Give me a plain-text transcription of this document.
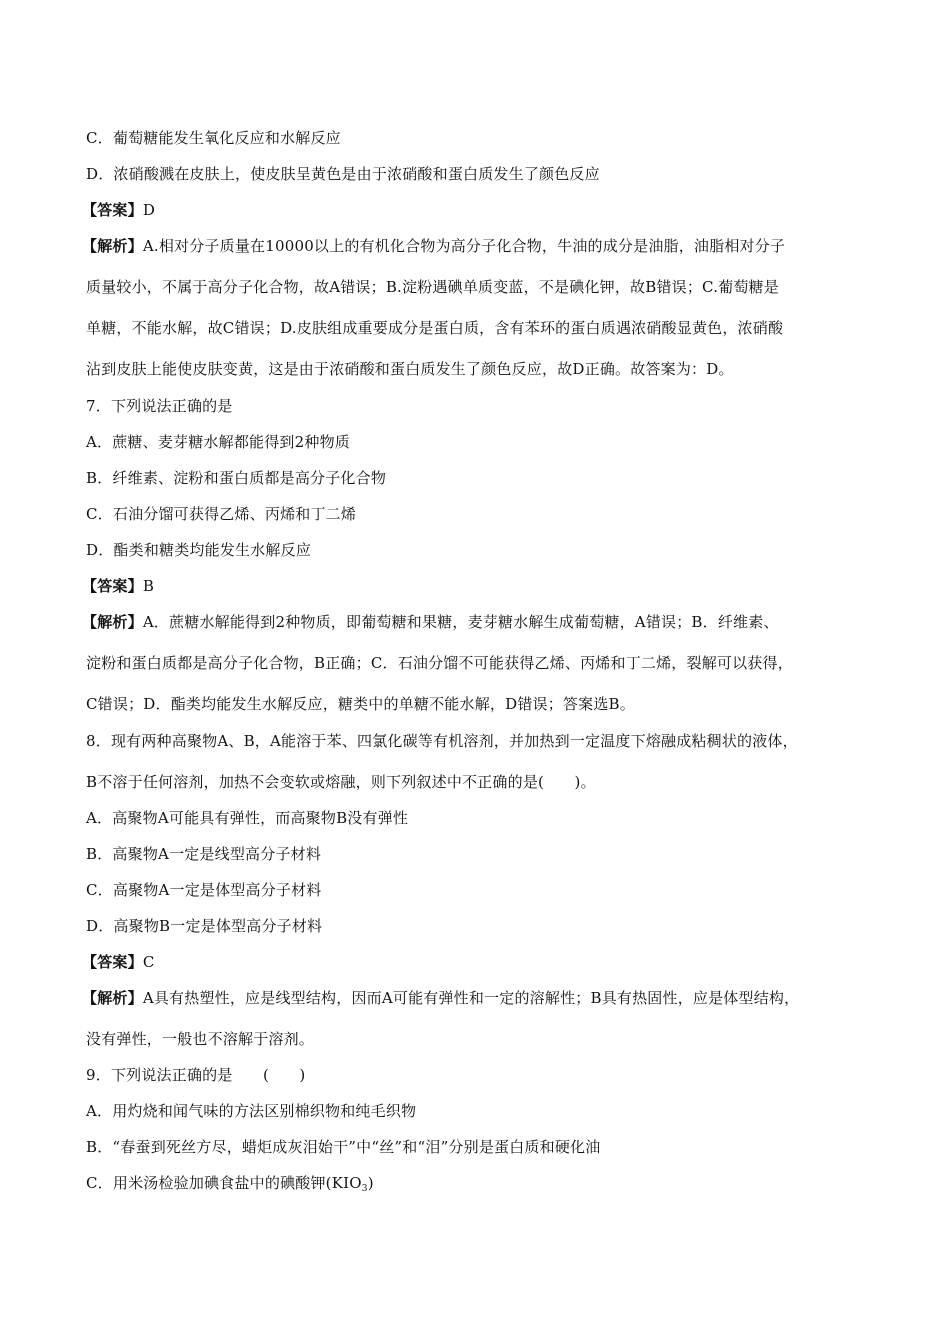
C．葡萄糖能发生氧化反应和水解反应
D．浓硝酸溅在皮肤上，使皮肤呈黄色是由于浓硝酸和蛋白质发生了颜色反应
【答案】D
【解析】A.相对分子质量在10000以上的有机化合物为高分子化合物，牛油的成分是油脂，油脂相对分子
质量较小，不属于高分子化合物，故A错误；B.淀粉遇碘单质变蓝，不是碘化钾，故B错误；C.葡萄糖是
单糖，不能水解，故C错误；D.皮肤组成重要成分是蛋白质，含有苯环的蛋白质遇浓硝酸显黄色，浓硝酸
沾到皮肤上能使皮肤变黄，这是由于浓硝酸和蛋白质发生了颜色反应，故D正确。故答案为：D。
7．下列说法正确的是
A．蔗糖、麦芽糖水解都能得到2种物质
B．纤维素、淀粉和蛋白质都是高分子化合物
C．石油分馏可获得乙烯、丙烯和丁二烯
D．酯类和糖类均能发生水解反应
【答案】B
【解析】A．蔗糖水解能得到2种物质，即葡萄糖和果糖，麦芽糖水解生成葡萄糖，A错误；B．纤维素、
淀粉和蛋白质都是高分子化合物，B正确；C．石油分馏不可能获得乙烯、丙烯和丁二烯，裂解可以获得，
C错误；D．酯类均能发生水解反应，糖类中的单糖不能水解，D错误；答案选B。
8．现有两种高聚物A、B，A能溶于苯、四氯化碳等有机溶剂，并加热到一定温度下熔融成粘稠状的液体，
B不溶于任何溶剂，加热不会变软或熔融，则下列叙述中不正确的是(　　)。
A．高聚物A可能具有弹性，而高聚物B没有弹性
B．高聚物A一定是线型高分子材料
C．高聚物A一定是体型高分子材料
D．高聚物B一定是体型高分子材料
【答案】C
【解析】A具有热塑性，应是线型结构，因而A可能有弹性和一定的溶解性；B具有热固性，应是体型结构，
没有弹性，一般也不溶解于溶剂。
9．下列说法正确的是　　(　　)
A．用灼烧和闻气味的方法区别棉织物和纯毛织物
B．“春蚕到死丝方尽，蜡炬成灰泪始干”中“丝”和“泪”分别是蛋白质和硬化油
C．用米汤检验加碘食盐中的碘酸钾$(KIO_3)$
